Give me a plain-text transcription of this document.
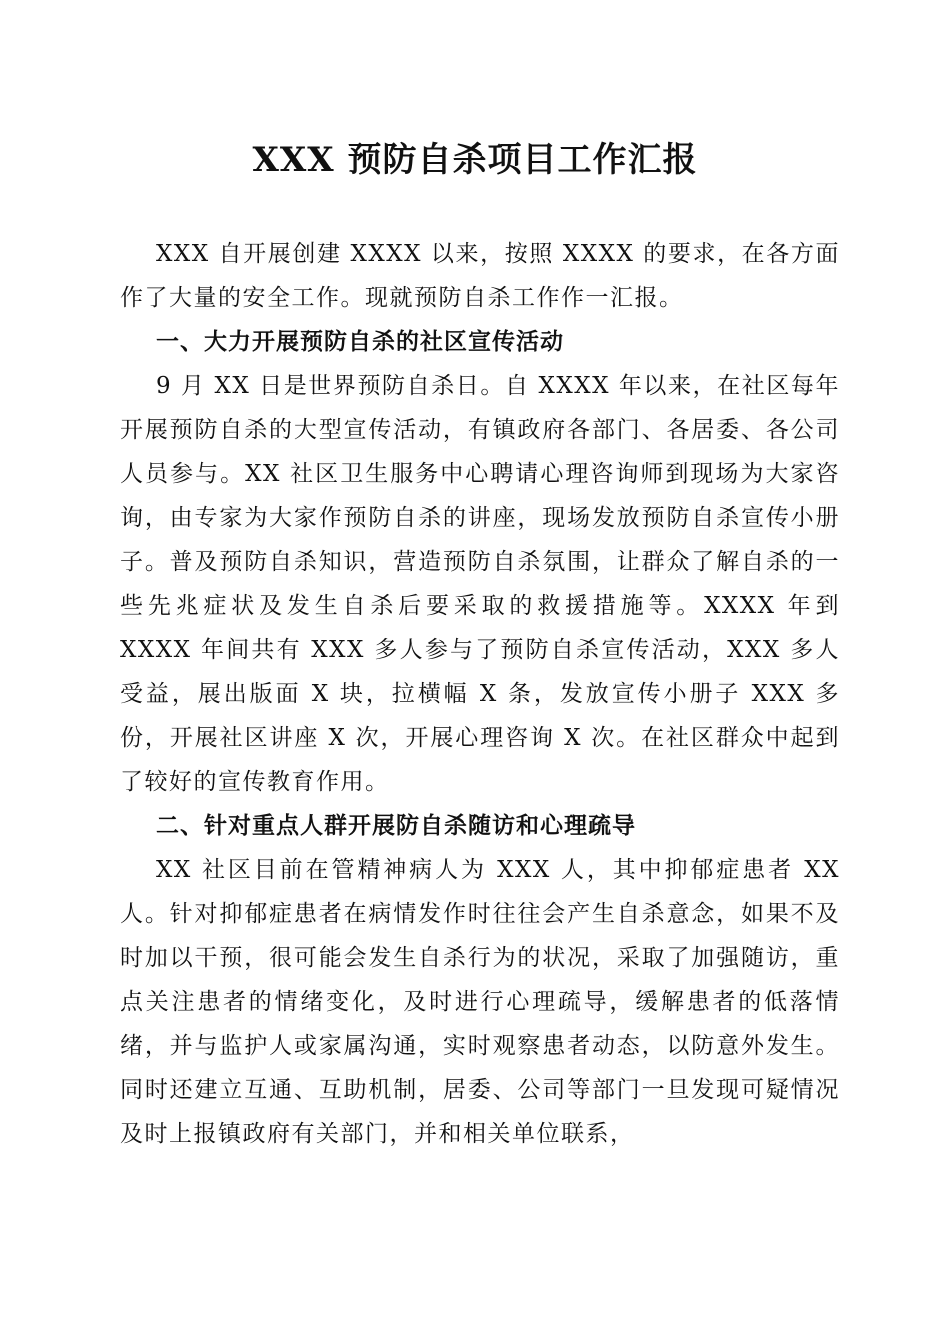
XXX 预防自杀项目工作汇报

XXX 自开展创建 XXXX 以来，按照 XXXX 的要求，在各方面作了大量的安全工作。现就预防自杀工作作一汇报。

一、大力开展预防自杀的社区宣传活动

9 月 XX 日是世界预防自杀日。自 XXXX 年以来，在社区每年开展预防自杀的大型宣传活动，有镇政府各部门、各居委、各公司人员参与。XX 社区卫生服务中心聘请心理咨询师到现场为大家咨询，由专家为大家作预防自杀的讲座，现场发放预防自杀宣传小册子。普及预防自杀知识，营造预防自杀氛围，让群众了解自杀的一些先兆症状及发生自杀后要采取的救援措施等。XXXX 年到 XXXX 年间共有 XXX 多人参与了预防自杀宣传活动，XXX 多人受益，展出版面 X 块，拉横幅 X 条，发放宣传小册子 XXX 多份，开展社区讲座 X 次，开展心理咨询 X 次。在社区群众中起到了较好的宣传教育作用。

二、针对重点人群开展防自杀随访和心理疏导

XX 社区目前在管精神病人为 XXX 人，其中抑郁症患者 XX 人。针对抑郁症患者在病情发作时往往会产生自杀意念，如果不及时加以干预，很可能会发生自杀行为的状况，采取了加强随访，重点关注患者的情绪变化，及时进行心理疏导，缓解患者的低落情绪，并与监护人或家属沟通，实时观察患者动态，以防意外发生。同时还建立互通、互助机制，居委、公司等部门一旦发现可疑情况及时上报镇政府有关部门，并和相关单位联系，
